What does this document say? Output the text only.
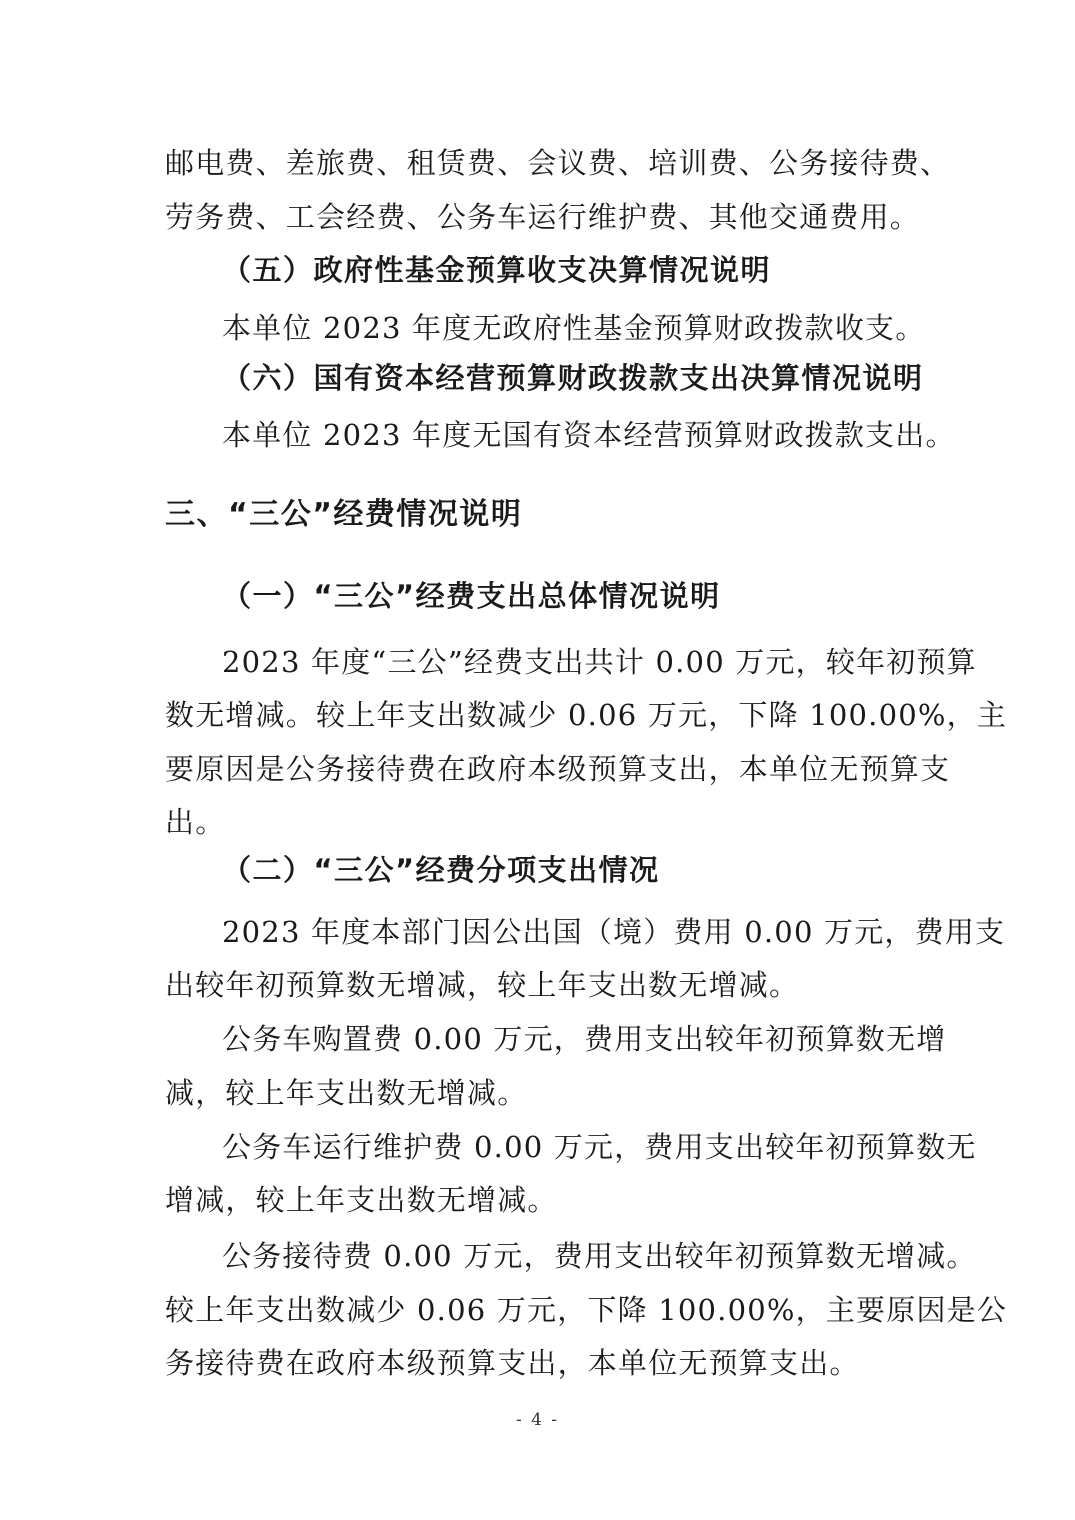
邮电费、差旅费、租赁费、会议费、培训费、公务接待费、
劳务费、工会经费、公务车运行维护费、其他交通费用。
（五）政府性基金预算收支决算情况说明
本单位 2023 年度无政府性基金预算财政拨款收支。
（六）国有资本经营预算财政拨款支出决算情况说明
本单位 2023 年度无国有资本经营预算财政拨款支出。
三、“三公”经费情况说明
（一）“三公”经费支出总体情况说明
2023 年度“三公”经费支出共计 0.00 万元，较年初预算
数无增减。较上年支出数减少 0.06 万元，下降 100.00%，主
要原因是公务接待费在政府本级预算支出，本单位无预算支
出。
（二）“三公”经费分项支出情况
2023 年度本部门因公出国（境）费用 0.00 万元，费用支
出较年初预算数无增减，较上年支出数无增减。
公务车购置费 0.00 万元，费用支出较年初预算数无增
减，较上年支出数无增减。
公务车运行维护费 0.00 万元，费用支出较年初预算数无
增减，较上年支出数无增减。
公务接待费 0.00 万元，费用支出较年初预算数无增减。
较上年支出数减少 0.06 万元，下降 100.00%，主要原因是公
务接待费在政府本级预算支出，本单位无预算支出。
- 4 -
